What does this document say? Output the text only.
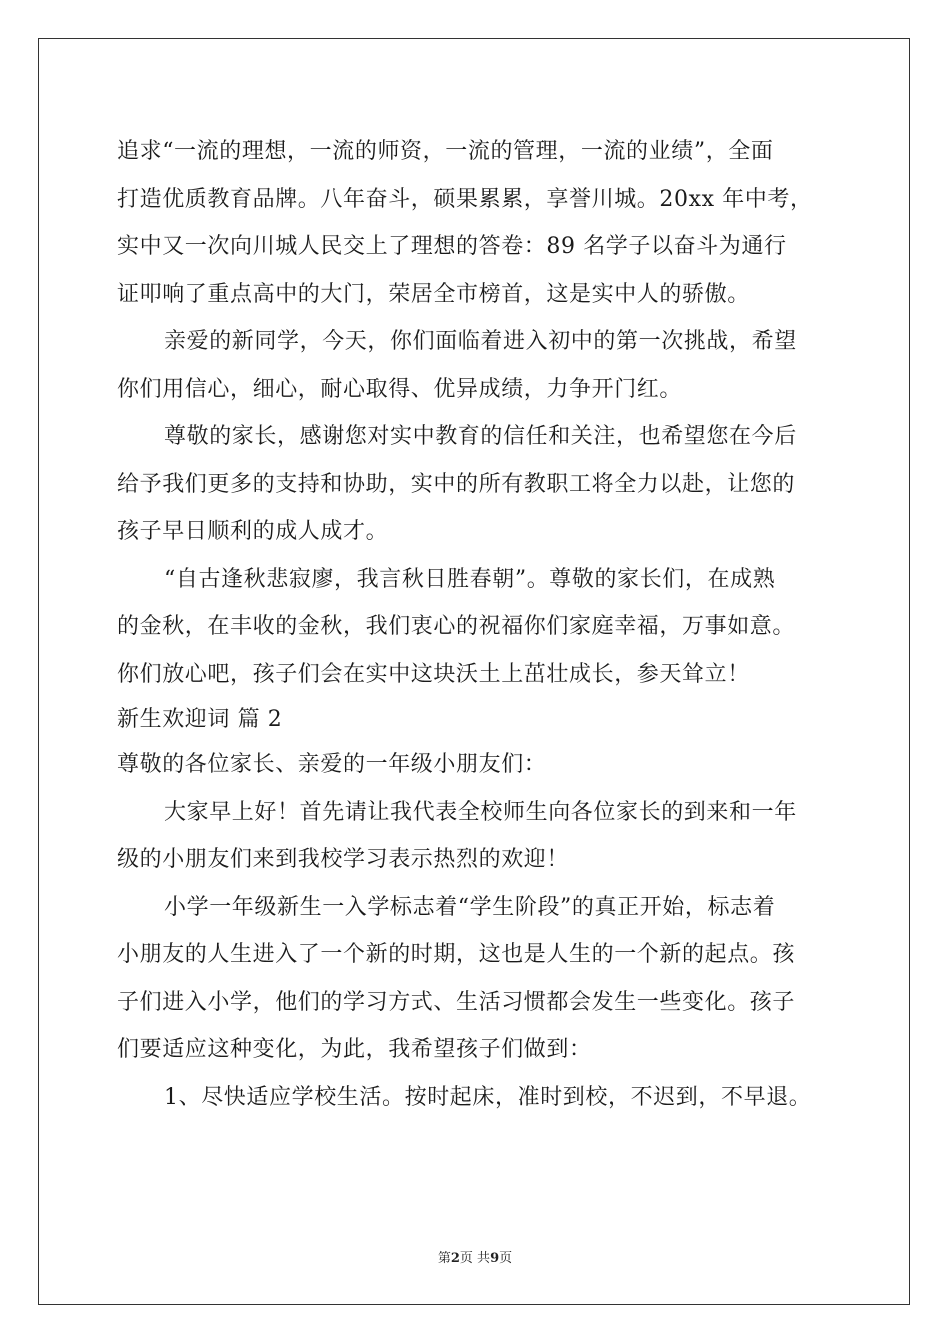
追求“一流的理想，一流的师资，一流的管理，一流的业绩”，全面
打造优质教育品牌。八年奋斗，硕果累累，享誉川城。20xx 年中考，
实中又一次向川城人民交上了理想的答卷：89 名学子以奋斗为通行
证叩响了重点高中的大门，荣居全市榜首，这是实中人的骄傲。
亲爱的新同学，今天，你们面临着进入初中的第一次挑战，希望
你们用信心，细心，耐心取得、优异成绩，力争开门红。
尊敬的家长，感谢您对实中教育的信任和关注，也希望您在今后
给予我们更多的支持和协助，实中的所有教职工将全力以赴，让您的
孩子早日顺利的成人成才。
“自古逢秋悲寂廖，我言秋日胜春朝”。尊敬的家长们，在成熟
的金秋，在丰收的金秋，我们衷心的祝福你们家庭幸福，万事如意。
你们放心吧，孩子们会在实中这块沃土上茁壮成长，参天耸立！
新生欢迎词 篇 2
尊敬的各位家长、亲爱的一年级小朋友们：
大家早上好！首先请让我代表全校师生向各位家长的到来和一年
级的小朋友们来到我校学习表示热烈的欢迎！
小学一年级新生一入学标志着“学生阶段”的真正开始，标志着
小朋友的人生进入了一个新的时期，这也是人生的一个新的起点。孩
子们进入小学，他们的学习方式、生活习惯都会发生一些变化。孩子
们要适应这种变化，为此，我希望孩子们做到：
1、尽快适应学校生活。按时起床，准时到校，不迟到，不早退。
第2页 共9页
